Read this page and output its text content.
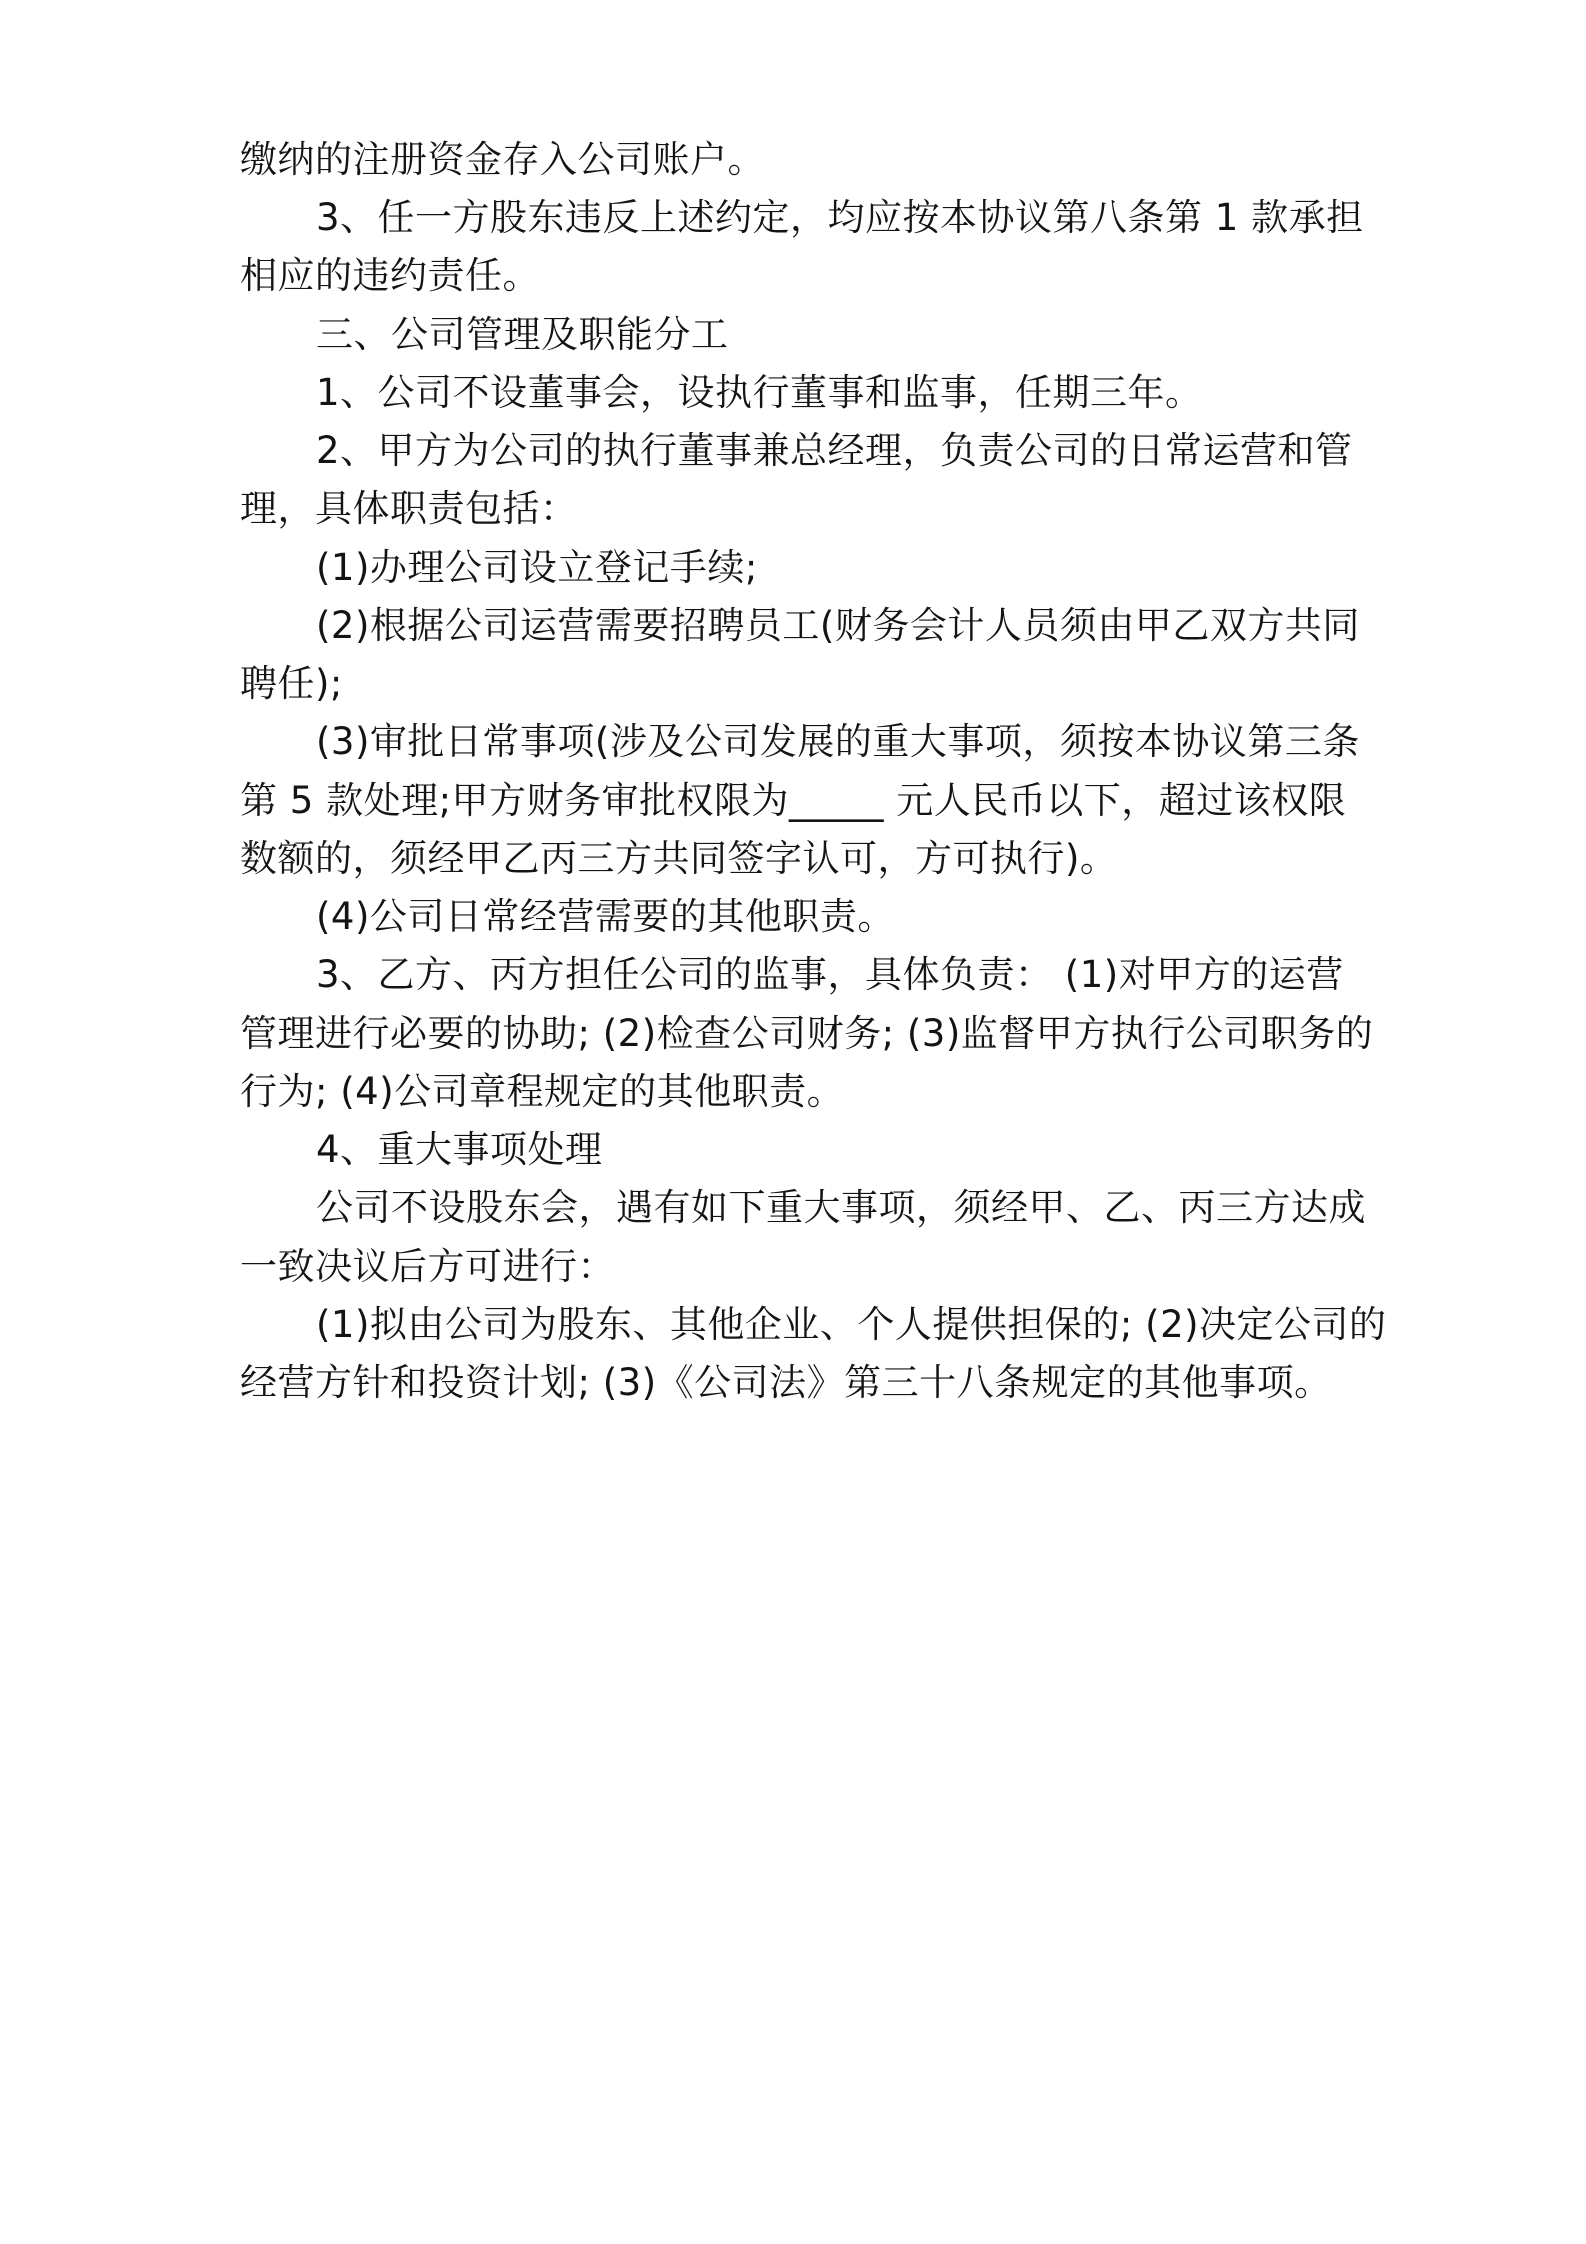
缴纳的注册资金存入公司账户。
3、任一方股东违反上述约定，均应按本协议第八条第 1 款承担
相应的违约责任。
三、公司管理及职能分工
1、公司不设董事会，设执行董事和监事，任期三年。
2、甲方为公司的执行董事兼总经理，负责公司的日常运营和管
理，具体职责包括：
(1)办理公司设立登记手续;
(2)根据公司运营需要招聘员工(财务会计人员须由甲乙双方共同
聘任);
(3)审批日常事项(涉及公司发展的重大事项，须按本协议第三条
第 5 款处理;甲方财务审批权限为_____ 元人民币以下，超过该权限
数额的，须经甲乙丙三方共同签字认可，方可执行)。
(4)公司日常经营需要的其他职责。
3、乙方、丙方担任公司的监事，具体负责： (1)对甲方的运营
管理进行必要的协助; (2)检查公司财务; (3)监督甲方执行公司职务的
行为; (4)公司章程规定的其他职责。
4、重大事项处理
公司不设股东会，遇有如下重大事项，须经甲、乙、丙三方达成
一致决议后方可进行：
(1)拟由公司为股东、其他企业、个人提供担保的; (2)决定公司的
经营方针和投资计划; (3)《公司法》第三十八条规定的其他事项。
